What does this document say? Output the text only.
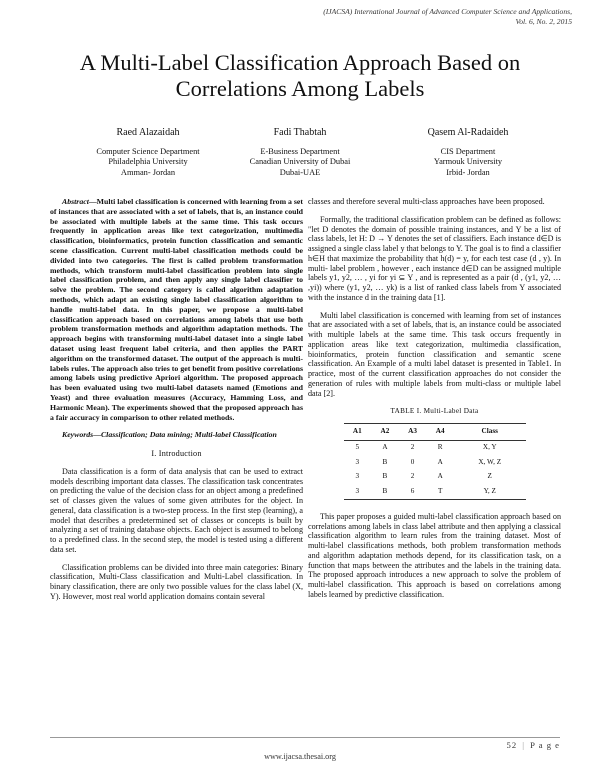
(IJACSA) International Journal of Advanced Computer Science and Applications,
Vol. 6, No. 2, 2015
A Multi-Label Classification Approach Based on Correlations Among Labels
Raed Alazaidah
Computer Science Department
Philadelphia University
Amman- Jordan
Fadi Thabtah
E-Business Department
Canadian University of Dubai
Dubai-UAE
Qasem Al-Radaideh
CIS Department
Yarmouk University
Irbid- Jordan

Abstract—Multi label classification is concerned with learning from a set of instances that are associated with a set of labels, that is, an instance could be associated with multiple labels at the same time. This task occurs frequently in application areas like text categorization, multimedia classification, bioinformatics, protein function classification and semantic scene classification. Current multi-label classification methods could be divided into two categories. The first is called problem transformation methods, which transform multi-label classification problem into single label classification problem, and then apply any single label classifier to solve the problem. The second category is called algorithm adaptation methods, which adapt an existing single label classification algorithm to handle multi-label data. In this paper, we propose a multi-label classification approach based on correlations among labels that use both problem transformation methods and algorithm adaptation methods. The approach begins with transforming multi-label dataset into a single label dataset using least frequent label criteria, and then applies the PART algorithm on the transformed dataset. The output of the approach is multi-labels rules. The approach also tries to get benefit from positive correlations among labels using predictive Apriori algorithm. The proposed approach has been evaluated using two multi-label datasets named (Emotions and Yeast) and three evaluation measures (Accuracy, Hamming Loss, and Harmonic Mean). The experiments showed that the proposed approach has a fair accuracy in comparison to other related methods.

Keywords—Classification; Data mining; Multi-label Classification

I. Introduction

Data classification is a form of data analysis that can be used to extract models describing important data classes. The classification task concentrates on predicting the value of the decision class for an object among a predefined set of classes given the values of some given attributes for the object. In general, data classification is a two-step process. In the first step (learning), a model that describes a predetermined set of classes or concepts is built by analyzing a set of training database objects. Each object is assumed to belong to a predefined class. In the second step, the model is tested using a different data set.

Classification problems can be divided into three main categories: Binary classification, Multi-Class classification and Multi-Label classification. In binary classification, there are only two possible values for the class label (X, Y). However, most real world application domains contain several

classes and therefore several multi-class approaches have been proposed.

Formally, the traditional classification problem can be defined as follows: "let D denotes the domain of possible training instances, and Y be a list of class labels, let H: D → Y denotes the set of classifiers. Each instance d∈D is assigned a single class label y that belongs to Y. The goal is to find a classifier h∈H that maximize the probability that h(d) = y, for each test case (d , y). In multi- label problem , however , each instance d∈D can be assigned multiple labels y1, y2, … , yi for yi ⊆ Y , and is represented as a pair (d , (y1, y2, … ,yi)) where (y1, y2, … yk) is a list of ranked class labels from Y associated with the instance d in the training data [1].

Multi label classification is concerned with learning from set of instances that are associated with a set of labels, that is, an instance could be associated with multiple labels at the same time. This task occurs frequently in application areas like text categorization, multimedia classification, bioinformatics, protein function classification and semantic scene classification. An Example of a multi label dataset is presented in Table1. In practice, most of the current classification approaches do not consider the generation of rules with multiple labels from multi-class or multiple label data [2].

TABLE I. Multi-Label Data
A1	A2	A3	A4	Class
5	A	2	R	X, Y
3	B	0	A	X, W, Z
3	B	2	A	Z
3	B	6	T	Y, Z

This paper proposes a guided multi-label classification approach based on correlations among labels in class label attribute and then applying a classical classification algorithm to learn rules from the training dataset. Most of multi-label classifications methods, both problem transformation methods and algorithm adaptation methods depend, for its classification task, on a function that maps between the attributes and the labels in the training data. The proposed approach introduces a new approach to solve the problem of multi-label classification. This approach is based on correlations among labels learned by predictive classification.

52 | P a g e
www.ijacsa.thesai.org
